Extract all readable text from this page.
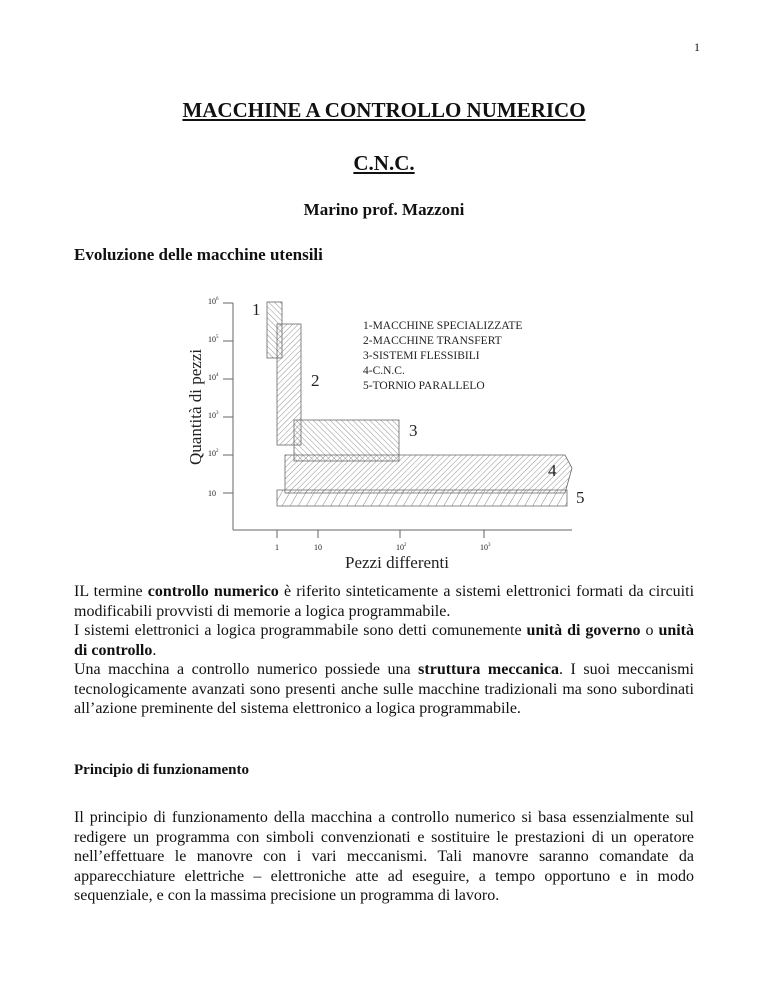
1
MACCHINE A CONTROLLO NUMERICO
C.N.C.
Marino prof. Mazzoni
Evoluzione delle macchine utensili
$10^6$
$10^5$
$10^4$
$10^3$
$10^2$
10
Quantità di pezzi
1	10	$10^2$	$10^3$
Pezzi differenti
1
2
3
4
5
1-MACCHINE SPECIALIZZATE
2-MACCHINE TRANSFERT
3-SISTEMI FLESSIBILI
4-C.N.C.
5-TORNIO PARALLELO
IL termine controllo numerico è riferito sinteticamente a sistemi elettronici formati da circuiti modificabili provvisti di memorie a logica programmabile.
I sistemi elettronici a logica programmabile sono detti comunemente unità di governo o unità di controllo.
Una macchina a controllo numerico possiede una struttura meccanica. I suoi meccanismi tecnologicamente avanzati sono presenti anche sulle macchine tradizionali ma sono subordinati all’azione preminente del sistema elettronico a logica programmabile.
Principio di funzionamento
Il principio di funzionamento della macchina a controllo numerico si basa essenzialmente sul redigere un programma con simboli convenzionati e sostituire le prestazioni di un operatore nell’effettuare le manovre con i vari meccanismi. Tali manovre saranno comandate da apparecchiature elettriche – elettroniche atte ad eseguire, a tempo opportuno e in modo sequenziale, e con la massima precisione un programma di lavoro.
